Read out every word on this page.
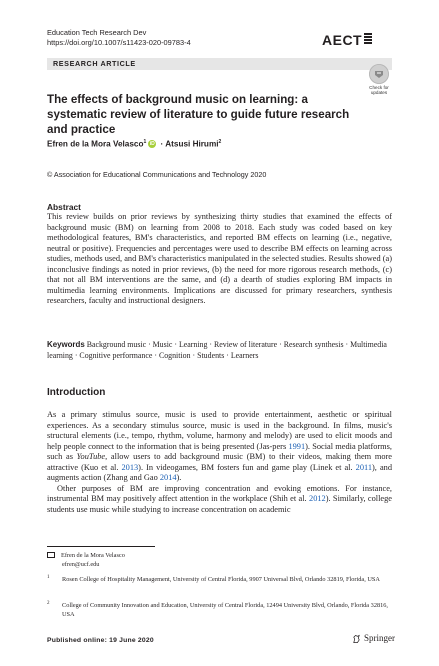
Education Tech Research Dev
https://doi.org/10.1007/s11423-020-09783-4	AECT
RESEARCH ARTICLE
Check for
updates
The effects of background music on learning: a systematic review of literature to guide future research and practice
Efren de la Mora Velasco$^1$ iD · Atsusi Hirumi$^2$
© Association for Educational Communications and Technology 2020
Abstract
This review builds on prior reviews by synthesizing thirty studies that examined the effects of background music (BM) on learning from 2008 to 2018. Each study was coded based on key methodological features, BM's characteristics, and reported BM effects on learning (i.e., negative, neutral or positive). Frequencies and percentages were used to describe BM effects on learning across studies, methods used, and BM's characteristics manipulated in the selected studies. Results showed (a) inconclusive findings as noted in prior reviews, (b) the need for more rigorous research methods, (c) that not all BM interventions are the same, and (d) a dearth of studies exploring BM impacts in multimedia learning environments. Implications are discussed for primary researchers, synthesis researchers, faculty and instructional designers.
Keywords Background music · Music · Learning · Review of literature · Research synthesis · Multimedia learning · Cognitive performance · Cognition · Students · Learners
Introduction

As a primary stimulus source, music is used to provide entertainment, aesthetic or spiritual experiences. As a secondary stimulus source, music is used in the background. In films, music's structural elements (i.e., tempo, rhythm, volume, harmony and melody) are used to elicit moods and help people connect to the information that is being presented (Jas-pers 1991). Social media platforms, such as YouTube, allow users to add background music (BM) to their videos, making them more attractive (Kuo et al. 2013). In videogames, BM fosters fun and game play (Linek et al. 2011), and augments action (Zhang and Gao 2014).

Other purposes of BM are improving concentration and evoking emotions. For instance, instrumental BM may positively affect attention in the workplace (Shih et al. 2012). Similarly, college students use music while studying to increase concentration on academic

Efren de la Mora Velasco
efren@ucf.edu
1 Rosen College of Hospitality Management, University of Central Florida, 9907 Universal Blvd, Orlando 32819, Florida, USA
2 College of Community Innovation and Education, University of Central Florida, 12494 University Blvd, Orlando, Florida 32816, USA
Published online: 19 June 2020	Springer
